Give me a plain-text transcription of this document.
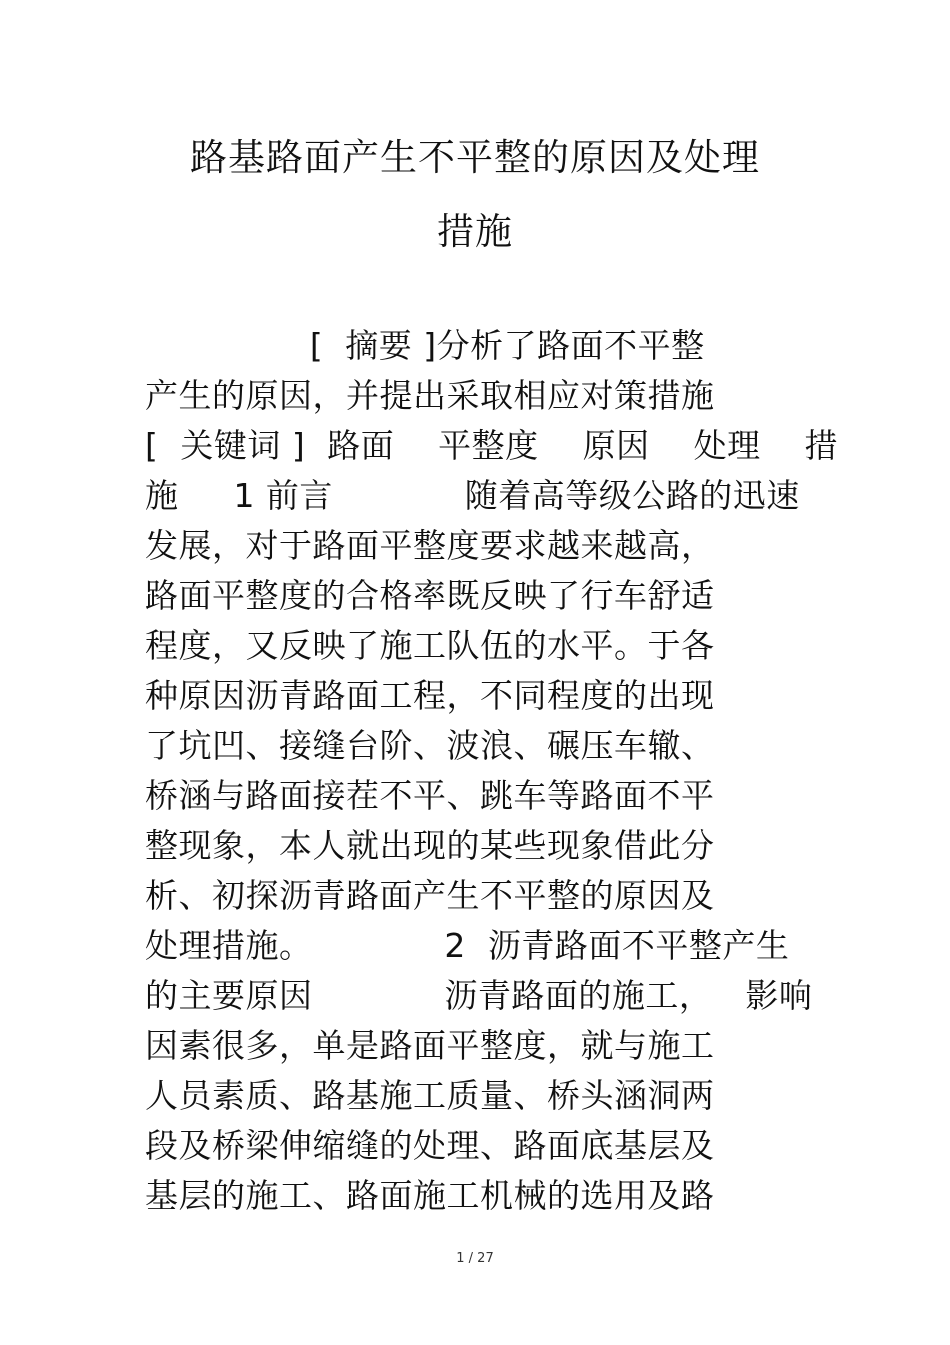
路基路面产生不平整的原因及处理
措施
[  摘要 ]分析了路面不平整
产生的原因，并提出采取相应对策措施
[  关键词 ]  路面    平整度    原因    处理    措
施     1 前言            随着高等级公路的迅速
发展，对于路面平整度要求越来越高，
路面平整度的合格率既反映了行车舒适
程度，又反映了施工队伍的水平。于各
种原因沥青路面工程，不同程度的出现
了坑凹、接缝台阶、波浪、碾压车辙、
桥涵与路面接茬不平、跳车等路面不平
整现象，本人就出现的某些现象借此分
析、初探沥青路面产生不平整的原因及
处理措施。            2  沥青路面不平整产生
的主要原因            沥青路面的施工，   影响
因素很多，单是路面平整度，就与施工
人员素质、路基施工质量、桥头涵洞两
段及桥梁伸缩缝的处理、路面底基层及
基层的施工、路面施工机械的选用及路
1 / 27
